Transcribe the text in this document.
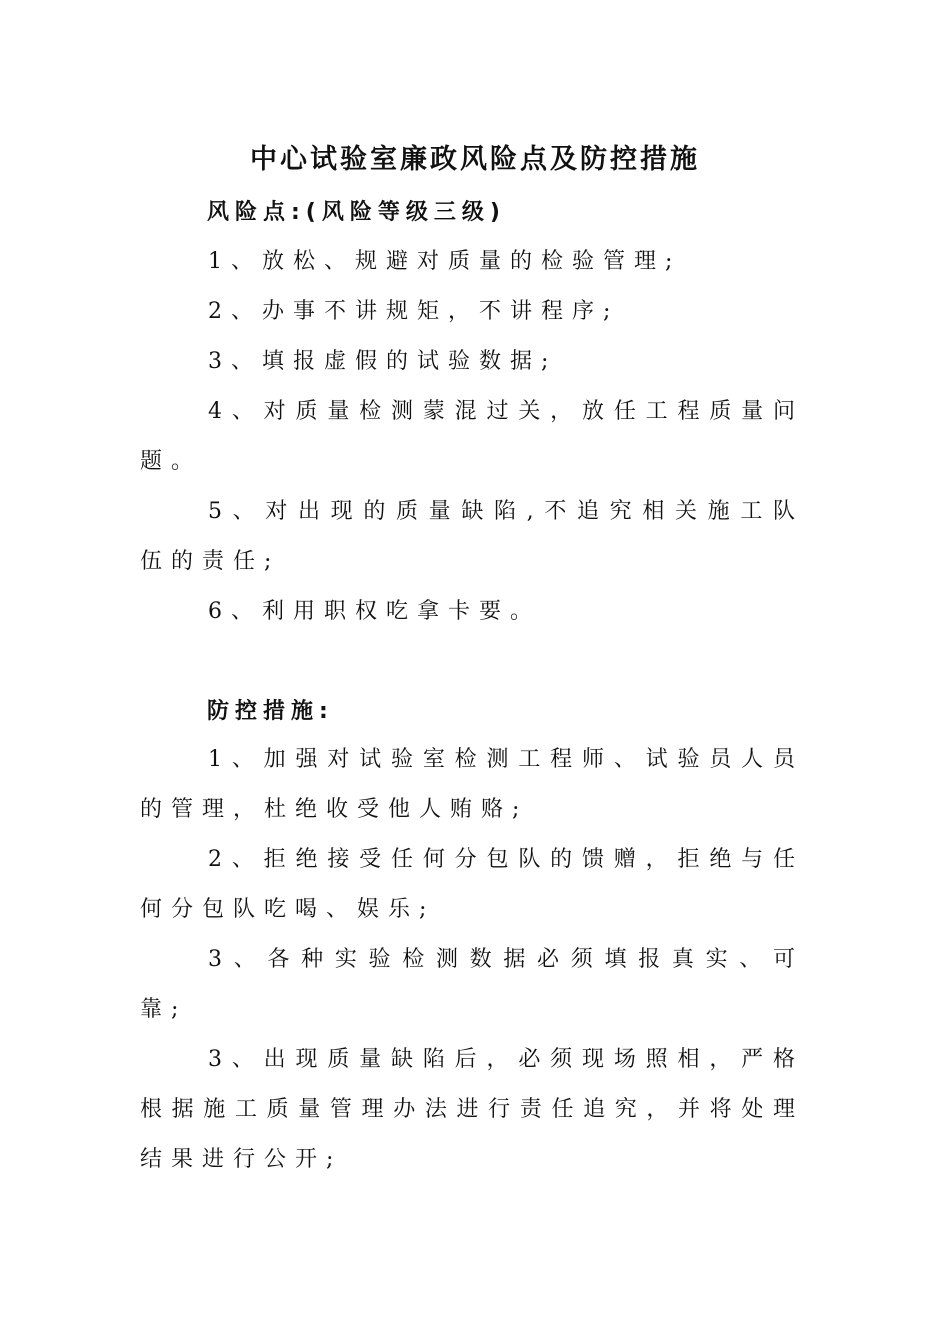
中心试验室廉政风险点及防控措施
风险点:(风险等级三级)

1、放松、规避对质量的检验管理;

2、办事不讲规矩，不讲程序;

3、填报虚假的试验数据;

4、对质量检测蒙混过关，放任工程质量问题。

5、对出现的质量缺陷,不追究相关施工队伍的责任;

6、利用职权吃拿卡要。

防控措施:

1、加强对试验室检测工程师、试验员人员的管理，杜绝收受他人贿赂;

2、拒绝接受任何分包队的馈赠，拒绝与任何分包队吃喝、娱乐;

3、各种实验检测数据必须填报真实、可靠;

3、出现质量缺陷后，必须现场照相，严格根据施工质量管理办法进行责任追究，并将处理结果进行公开;
